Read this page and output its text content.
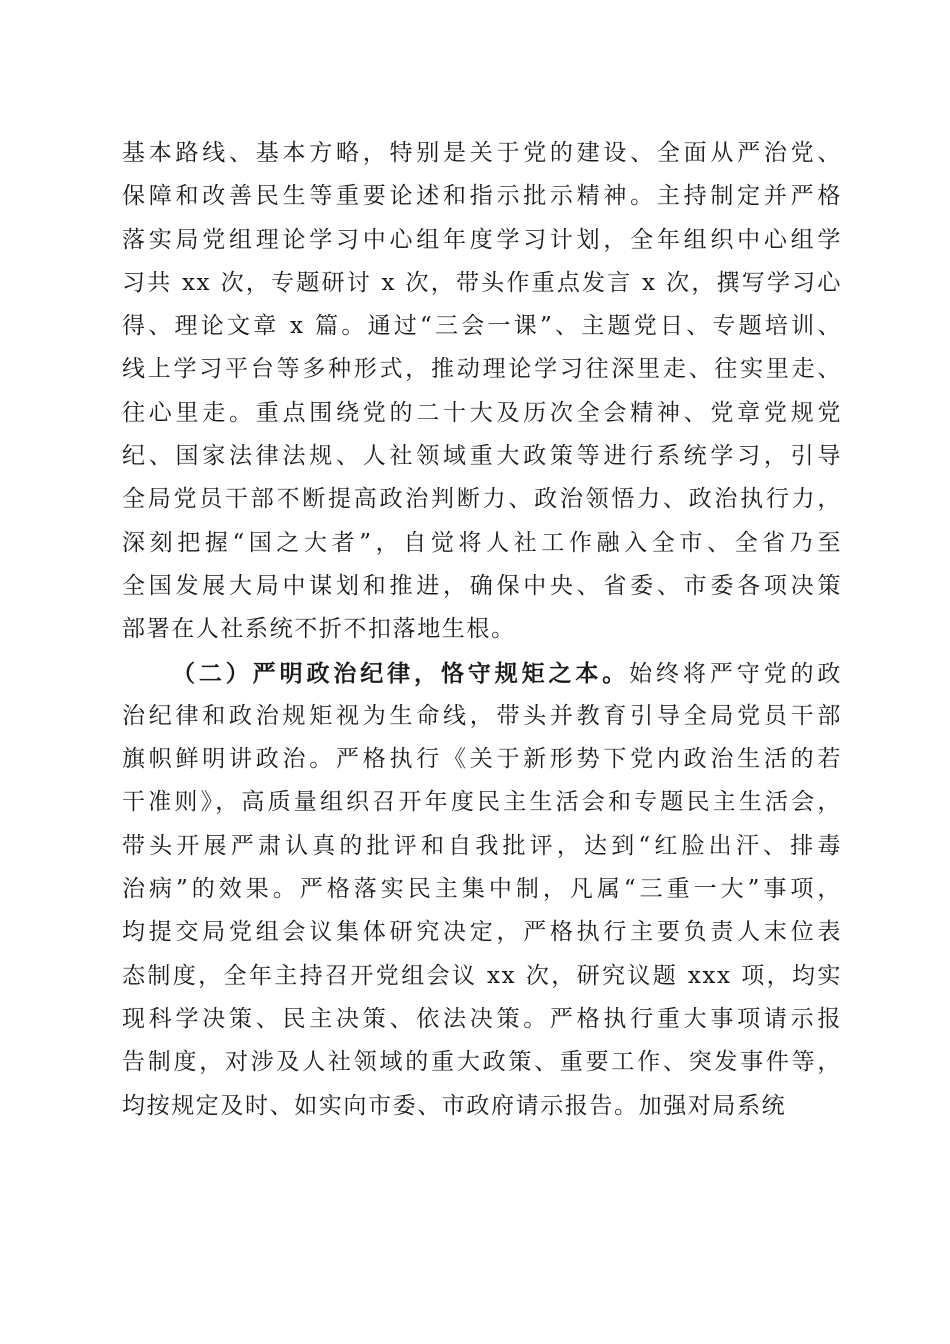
基本路线、基本方略，特别是关于党的建设、全面从严治党、
保障和改善民生等重要论述和指示批示精神。主持制定并严格
落实局党组理论学习中心组年度学习计划，全年组织中心组学
习共 xx 次，专题研讨 x 次，带头作重点发言 x 次，撰写学习心
得、理论文章 x 篇。通过“三会一课”、主题党日、专题培训、
线上学习平台等多种形式，推动理论学习往深里走、往实里走、
往心里走。重点围绕党的二十大及历次全会精神、党章党规党
纪、国家法律法规、人社领域重大政策等进行系统学习，引导
全局党员干部不断提高政治判断力、政治领悟力、政治执行力，
深刻把握“国之大者”，自觉将人社工作融入全市、全省乃至
全国发展大局中谋划和推进，确保中央、省委、市委各项决策
部署在人社系统不折不扣落地生根。
（二）严明政治纪律，恪守规矩之本。始终将严守党的政
治纪律和政治规矩视为生命线，带头并教育引导全局党员干部
旗帜鲜明讲政治。严格执行《关于新形势下党内政治生活的若
干准则》，高质量组织召开年度民主生活会和专题民主生活会，
带头开展严肃认真的批评和自我批评，达到“红脸出汗、排毒
治病”的效果。严格落实民主集中制，凡属“三重一大”事项，
均提交局党组会议集体研究决定，严格执行主要负责人末位表
态制度，全年主持召开党组会议 xx 次，研究议题 xxx 项，均实
现科学决策、民主决策、依法决策。严格执行重大事项请示报
告制度，对涉及人社领域的重大政策、重要工作、突发事件等，
均按规定及时、如实向市委、市政府请示报告。加强对局系统
